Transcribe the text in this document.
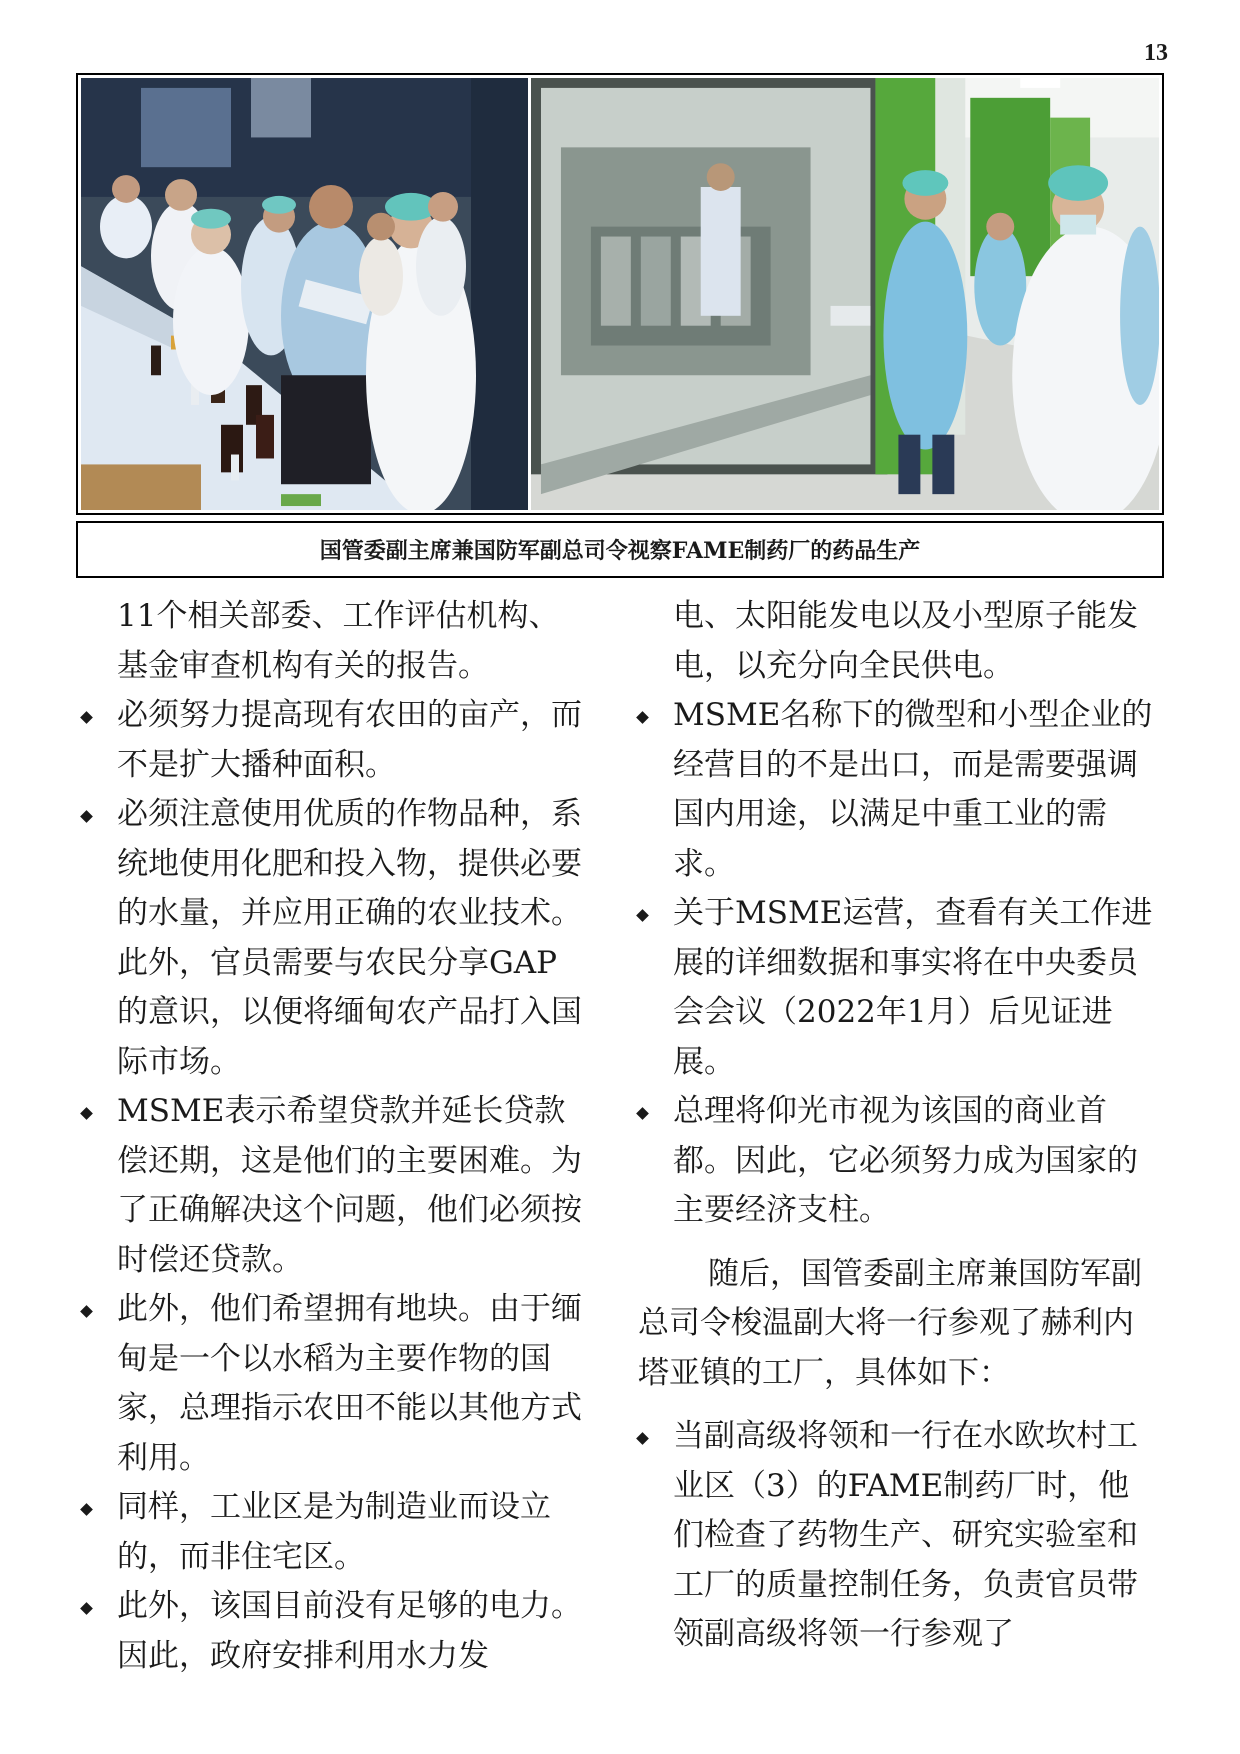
13
国管委副主席兼国防军副总司令视察FAME制药厂的药品生产

11个相关部委、工作评估机构、基金审查机构有关的报告。

必须努力提高现有农田的亩产，而不是扩大播种面积。

必须注意使用优质的作物品种，系统地使用化肥和投入物，提供必要的水量，并应用正确的农业技术。此外，官员需要与农民分享GAP的意识，以便将缅甸农产品打入国际市场。

MSME表示希望贷款并延长贷款偿还期，这是他们的主要困难。为了正确解决这个问题，他们必须按时偿还贷款。

此外，他们希望拥有地块。由于缅甸是一个以水稻为主要作物的国家，总理指示农田不能以其他方式利用。

同样，工业区是为制造业而设立的，而非住宅区。

此外，该国目前没有足够的电力。因此，政府安排利用水力发

电、太阳能发电以及小型原子能发电，以充分向全民供电。

MSME名称下的微型和小型企业的经营目的不是出口，而是需要强调国内用途，以满足中重工业的需求。

关于MSME运营，查看有关工作进展的详细数据和事实将在中央委员会会议（2022年1月）后见证进展。

总理将仰光市视为该国的商业首都。因此，它必须努力成为国家的主要经济支柱。

随后，国管委副主席兼国防军副总司令梭温副大将一行参观了赫利内塔亚镇的工厂，具体如下：

当副高级将领和一行在水欧坎村工业区（3）的FAME制药厂时，他们检查了药物生产、研究实验室和工厂的质量控制任务，负责官员带领副高级将领一行参观了
